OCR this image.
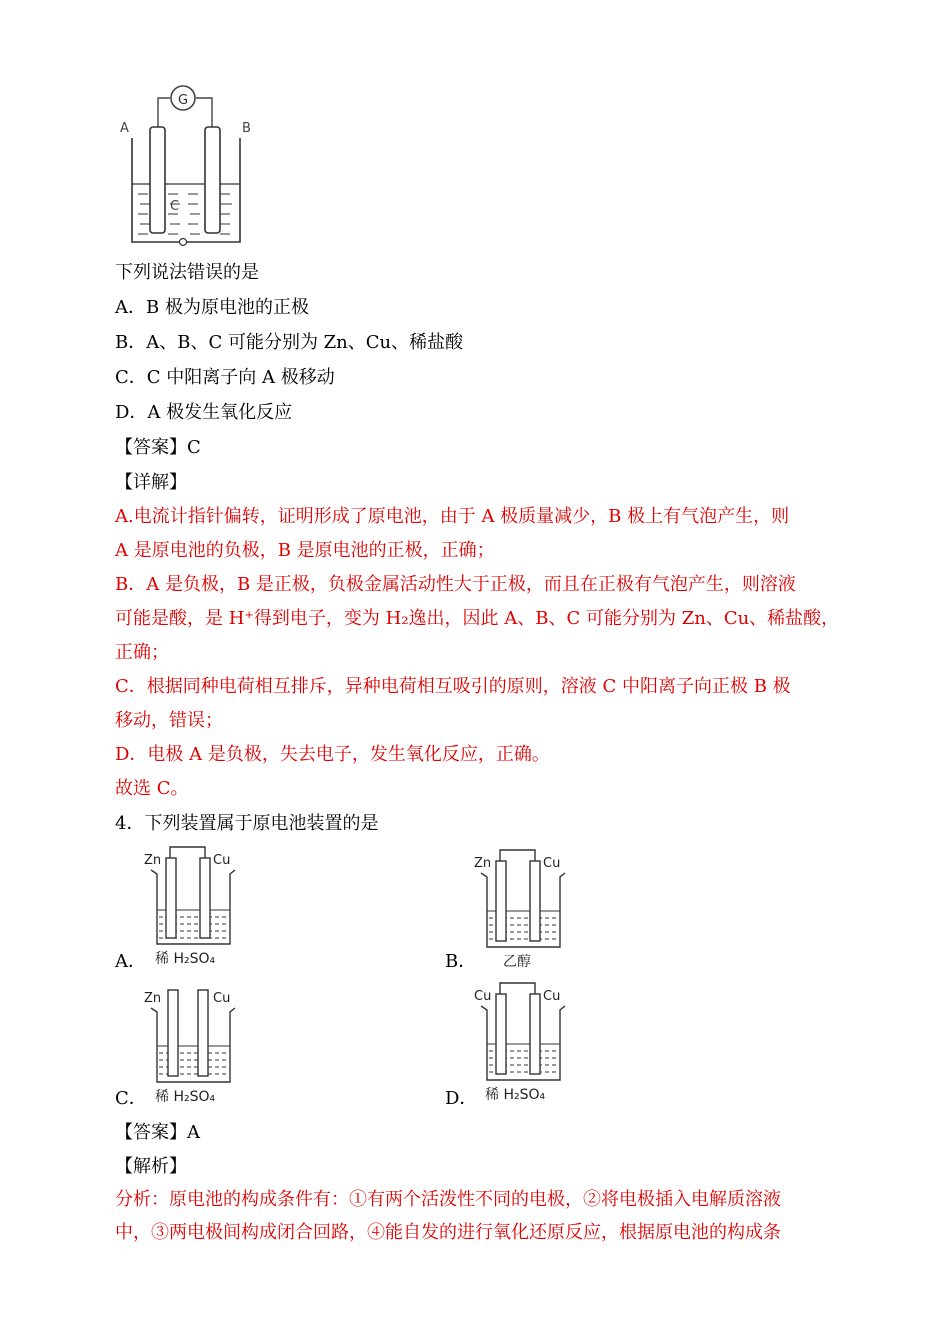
G
A	B
C
下列说法错误的是
A．B 极为原电池的正极
B．A、B、C 可能分别为 Zn、Cu、稀盐酸
C．C 中阳离子向 A 极移动
D．A 极发生氧化反应
【答案】C
【详解】
A.电流计指针偏转，证明形成了原电池，由于 A 极质量减少，B 极上有气泡产生，则
A 是原电池的负极，B 是原电池的正极，正确；
B．A 是负极，B 是正极，负极金属活动性大于正极，而且在正极有气泡产生，则溶液
可能是酸，是 H⁺得到电子，变为 H₂逸出，因此 A、B、C 可能分别为 Zn、Cu、稀盐酸，
正确；
C．根据同种电荷相互排斥，异种电荷相互吸引的原则，溶液 C 中阳离子向正极 B 极
移动，错误；
D．电极 A 是负极，失去电子，发生氧化反应，正确。
故选 C。
4．下列装置属于原电池装置的是
A．	B．
C．	D．
Zn	Cu
稀 H₂SO₄
Zn	Cu
乙醇
Zn	Cu
稀 H₂SO₄
Cu	Cu
稀 H₂SO₄
【答案】A
【解析】
分析：原电池的构成条件有：①有两个活泼性不同的电极，②将电极插入电解质溶液
中，③两电极间构成闭合回路，④能自发的进行氧化还原反应，根据原电池的构成条
